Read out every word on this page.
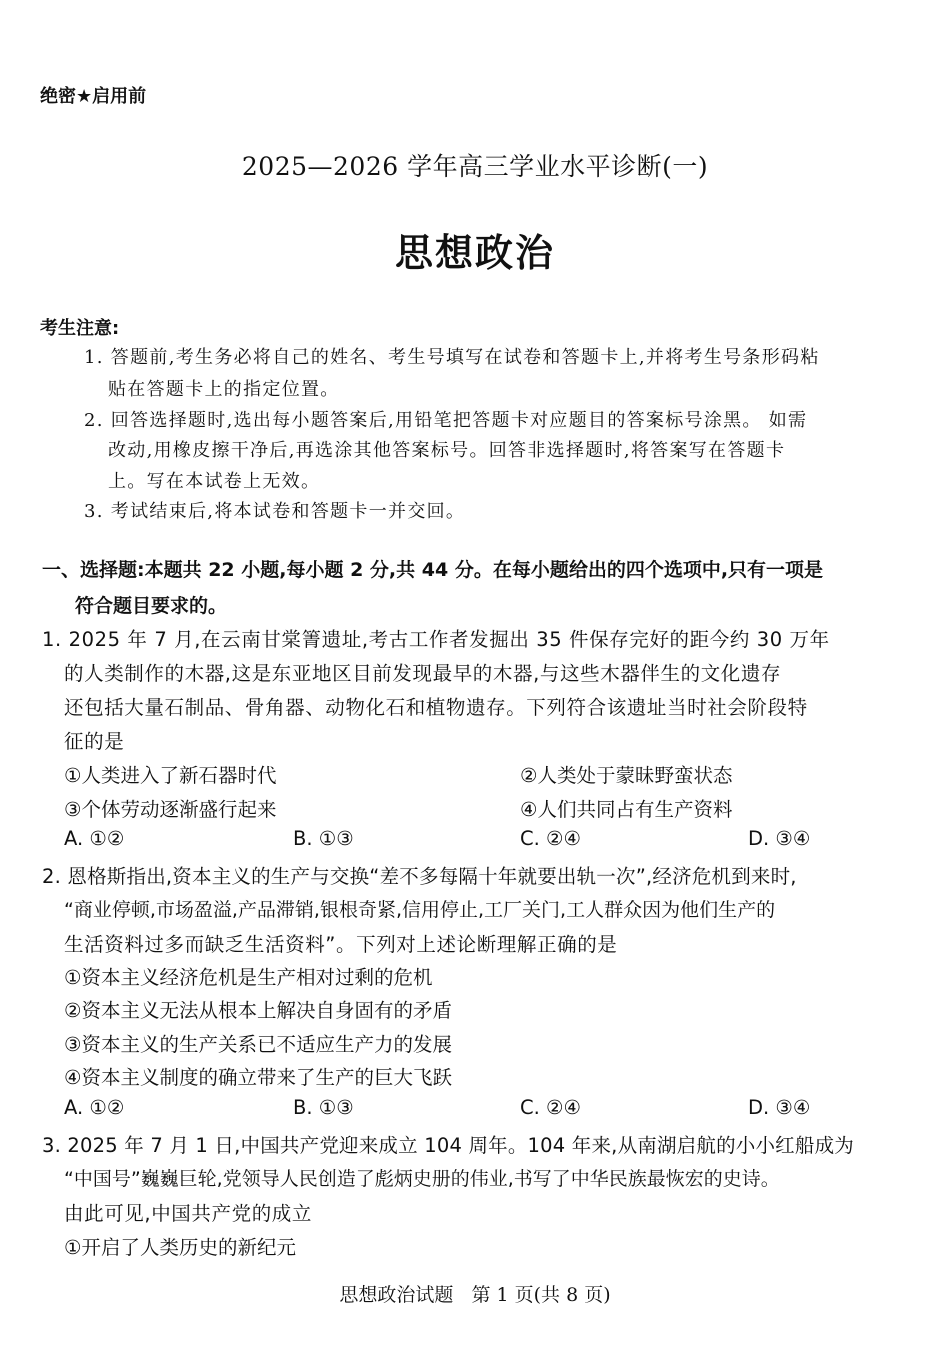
绝密★启用前
2025—2026 学年高三学业水平诊断(一)
思想政治
考生注意:
1. 答题前,考生务必将自己的姓名、考生号填写在试卷和答题卡上,并将考生号条形码粘
贴在答题卡上的指定位置。
2. 回答选择题时,选出每小题答案后,用铅笔把答题卡对应题目的答案标号涂黑。 如需
改动,用橡皮擦干净后,再选涂其他答案标号。回答非选择题时,将答案写在答题卡
上。写在本试卷上无效。
3. 考试结束后,将本试卷和答题卡一并交回。
一、选择题:本题共 22 小题,每小题 2 分,共 44 分。在每小题给出的四个选项中,只有一项是
符合题目要求的。
1. 2025 年 7 月,在云南甘棠箐遗址,考古工作者发掘出 35 件保存完好的距今约 30 万年
的人类制作的木器,这是东亚地区目前发现最早的木器,与这些木器伴生的文化遗存
还包括大量石制品、骨角器、动物化石和植物遗存。下列符合该遗址当时社会阶段特
征的是
①人类进入了新石器时代	②人类处于蒙昧野蛮状态
③个体劳动逐渐盛行起来	④人们共同占有生产资料
A. ①②	B. ①③	C. ②④	D. ③④
2. 恩格斯指出,资本主义的生产与交换“差不多每隔十年就要出轨一次”,经济危机到来时,
“商业停顿,市场盈溢,产品滞销,银根奇紧,信用停止,工厂关门,工人群众因为他们生产的
生活资料过多而缺乏生活资料”。下列对上述论断理解正确的是
①资本主义经济危机是生产相对过剩的危机
②资本主义无法从根本上解决自身固有的矛盾
③资本主义的生产关系已不适应生产力的发展
④资本主义制度的确立带来了生产的巨大飞跃
A. ①②	B. ①③	C. ②④	D. ③④
3. 2025 年 7 月 1 日,中国共产党迎来成立 104 周年。104 年来,从南湖启航的小小红船成为
“中国号”巍巍巨轮,党领导人民创造了彪炳史册的伟业,书写了中华民族最恢宏的史诗。
由此可见,中国共产党的成立
①开启了人类历史的新纪元
思想政治试题   第 1 页(共 8 页)
